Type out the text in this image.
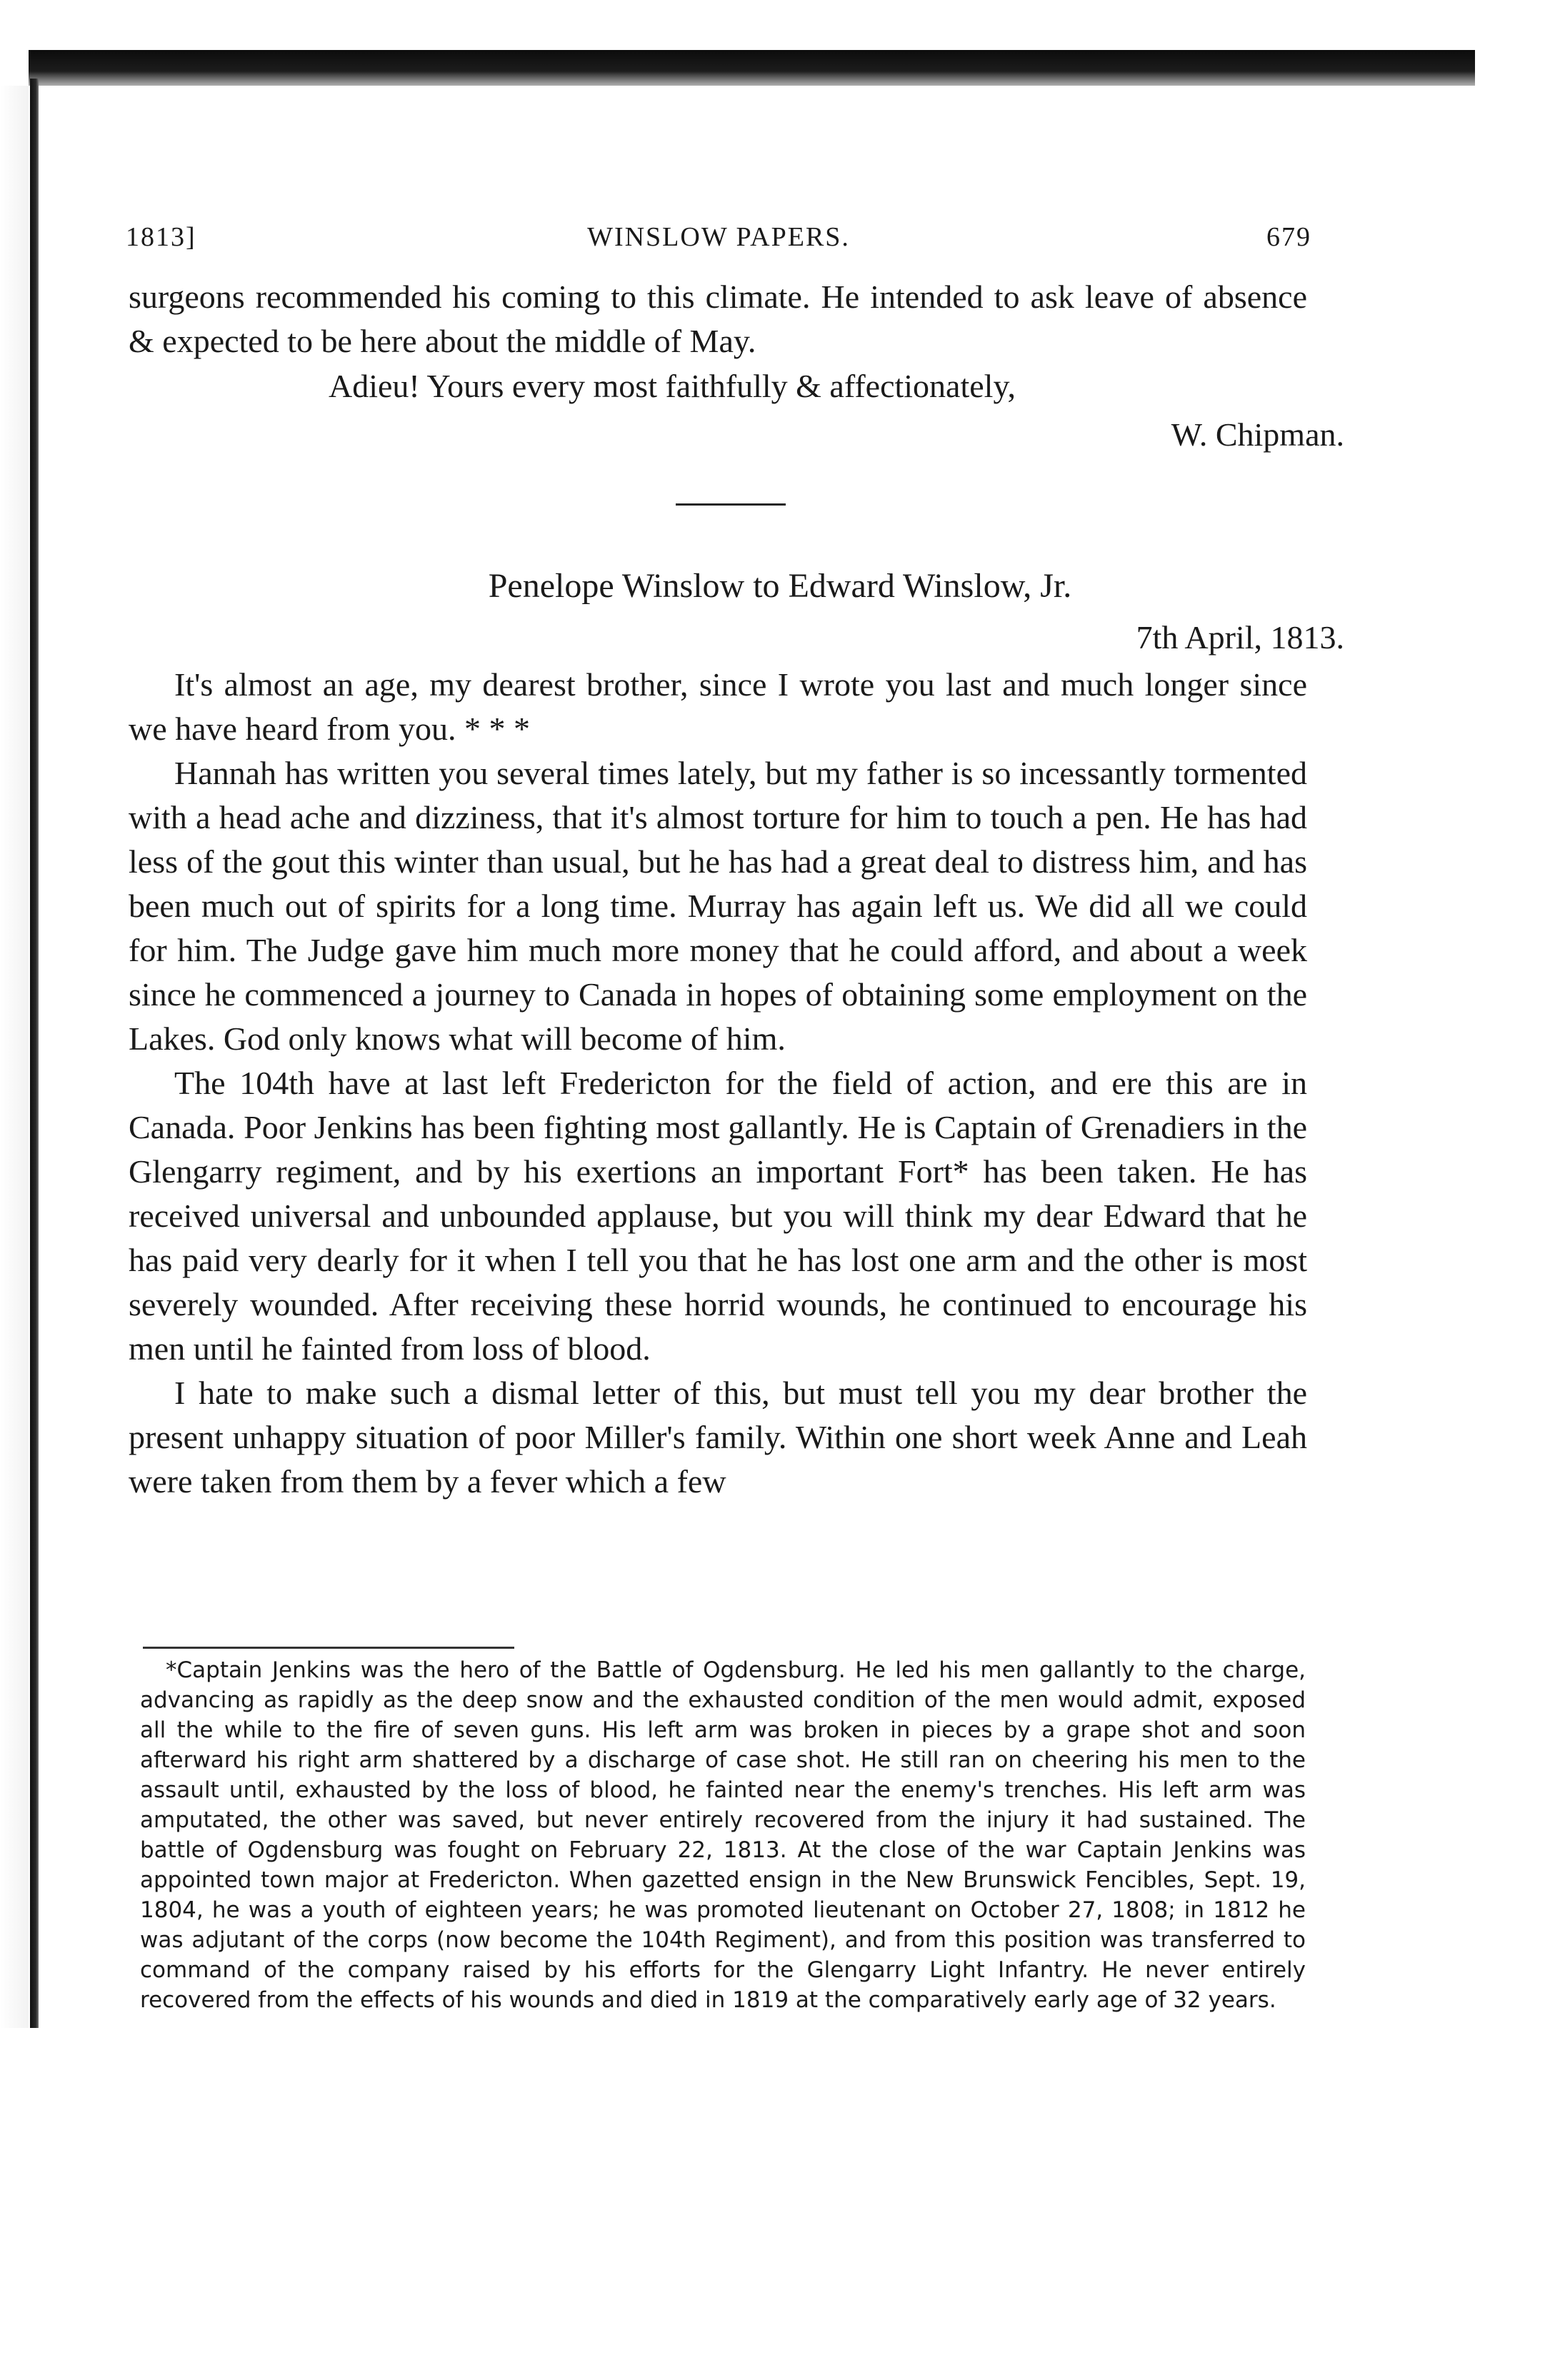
1813]	WINSLOW PAPERS.	679
surgeons recommended his coming to this climate. He intended to ask leave of absence & expected to be here about the middle of May.
Adieu! Yours every most faithfully & affectionately,
W. Chipman.
Penelope Winslow to Edward Winslow, Jr.
7th April, 1813.

It's almost an age, my dearest brother, since I wrote you last and much longer since we have heard from you. * * *

Hannah has written you several times lately, but my father is so incessantly tormented with a head ache and dizziness, that it's almost torture for him to touch a pen. He has had less of the gout this winter than usual, but he has had a great deal to distress him, and has been much out of spirits for a long time. Murray has again left us. We did all we could for him. The Judge gave him much more money that he could afford, and about a week since he commenced a journey to Canada in hopes of obtaining some employment on the Lakes. God only knows what will become of him.

The 104th have at last left Fredericton for the field of action, and ere this are in Canada. Poor Jenkins has been fighting most gallantly. He is Captain of Grenadiers in the Glengarry regiment, and by his exertions an important Fort* has been taken. He has received universal and unbounded applause, but you will think my dear Edward that he has paid very dearly for it when I tell you that he has lost one arm and the other is most severely wounded. After receiving these horrid wounds, he continued to encourage his men until he fainted from loss of blood.

I hate to make such a dismal letter of this, but must tell you my dear brother the present unhappy situation of poor Miller's family. Within one short week Anne and Leah were taken from them by a fever which a few

*Captain Jenkins was the hero of the Battle of Ogdensburg. He led his men gallantly to the charge, advancing as rapidly as the deep snow and the exhausted condition of the men would admit, exposed all the while to the fire of seven guns. His left arm was broken in pieces by a grape shot and soon afterward his right arm shattered by a discharge of case shot. He still ran on cheering his men to the assault until, exhausted by the loss of blood, he fainted near the enemy's trenches. His left arm was amputated, the other was saved, but never entirely recovered from the injury it had sustained. The battle of Ogdensburg was fought on February 22, 1813. At the close of the war Captain Jenkins was appointed town major at Fredericton. When gazetted ensign in the New Brunswick Fencibles, Sept. 19, 1804, he was a youth of eighteen years; he was promoted lieutenant on October 27, 1808; in 1812 he was adjutant of the corps (now become the 104th Regiment), and from this position was transferred to command of the company raised by his efforts for the Glengarry Light Infantry. He never entirely recovered from the effects of his wounds and died in 1819 at the comparatively early age of 32 years.
